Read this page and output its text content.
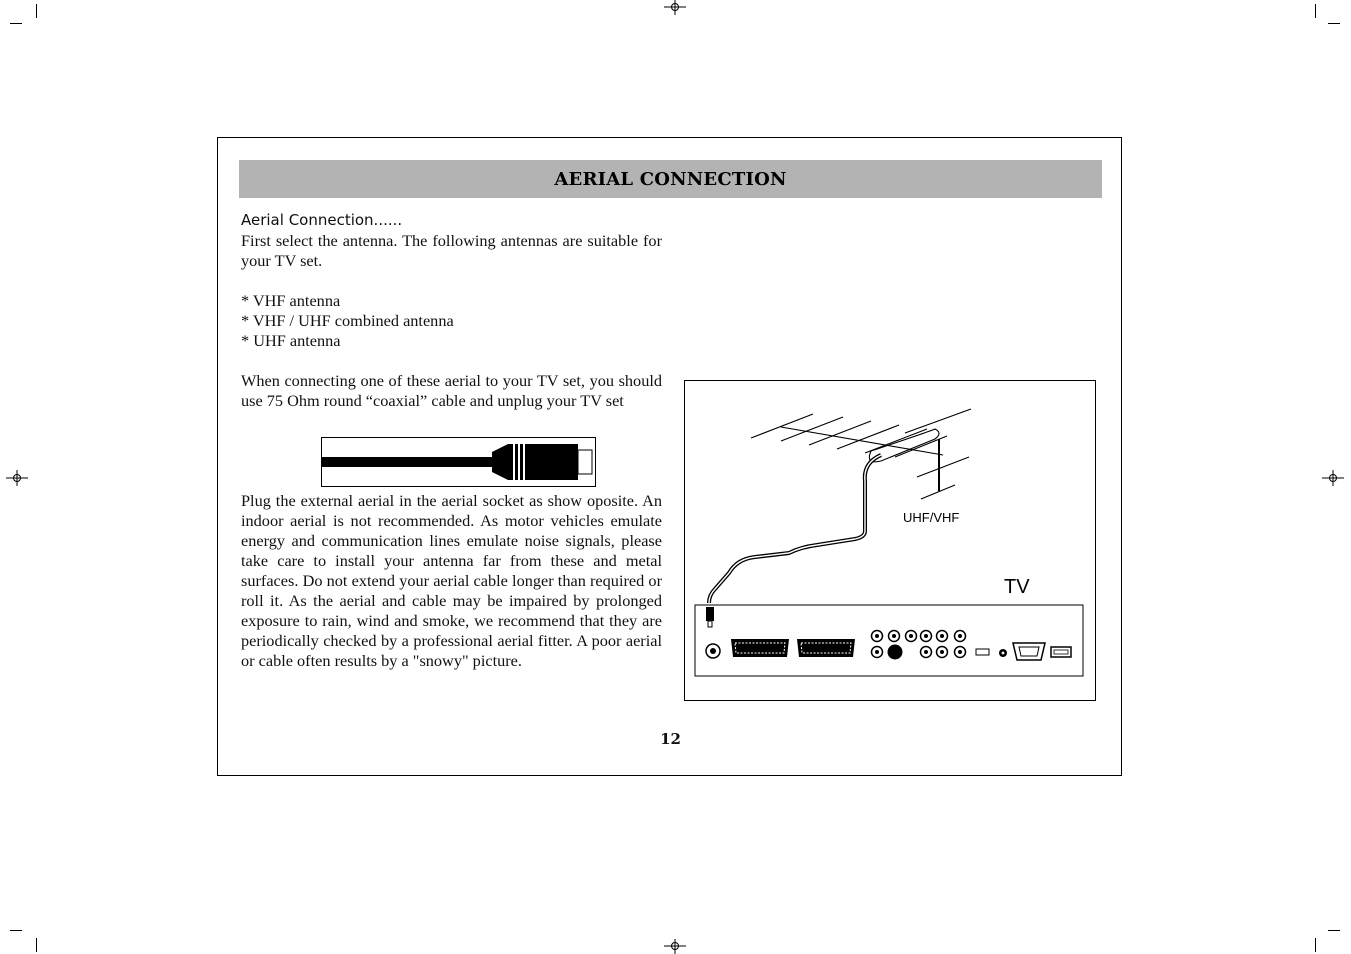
AERIAL CONNECTION
Aerial Connection......
First select the antenna. The following antennas are suitable for your TV set.
* VHF antenna
* VHF / UHF combined antenna
* UHF antenna
When connecting one of these aerial to your TV set, you should use 75 Ohm round “coaxial” cable and unplug your TV set
Plug the external aerial in the aerial socket as show oposite. An indoor aerial is not recommended. As motor vehicles emulate energy and communication lines emulate noise signals, please take care to install your antenna far from these and metal surfaces. Do not extend your aerial cable longer than required or roll it. As the aerial and cable may be impaired by prolonged exposure to rain, wind and smoke, we recommend that they are periodically checked by a professional aerial fitter. A poor aerial or cable often results by a "snowy" picture.
UHF/VHF
TV
12
